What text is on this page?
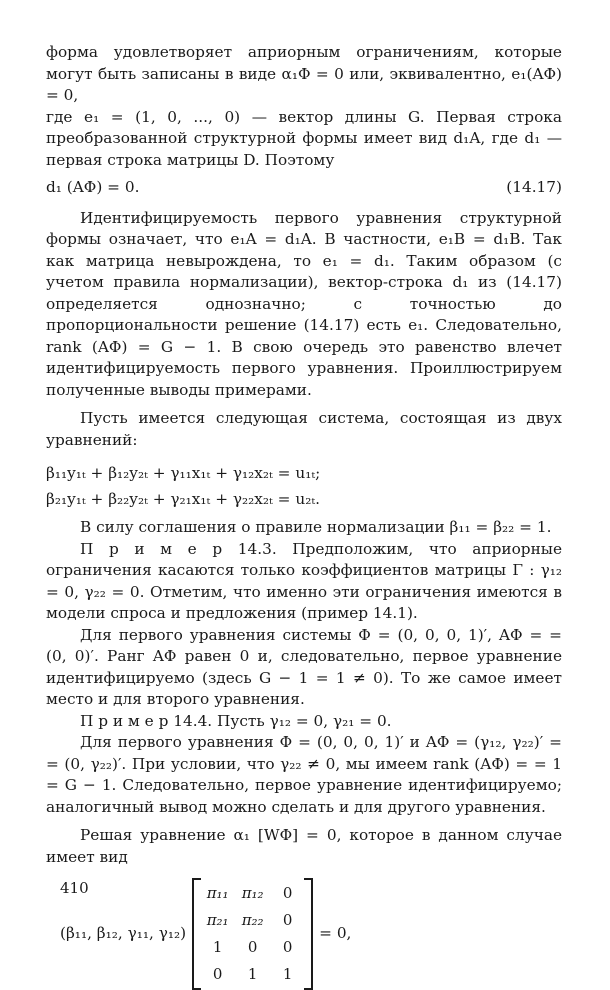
форма удовлетворяет априорным ограничениям, которые могут быть записаны в виде α₁Φ = 0 или, эквивалентно, e₁(AΦ) = 0,

где e₁ = (1, 0, ..., 0) — вектор длины G. Первая строка преобразованной структурной формы имеет вид d₁A, где d₁ — первая строка матрицы D. Поэтому

d₁ (AΦ) = 0.	(14.17)

Идентифицируемость первого уравнения структурной формы означает, что e₁A = d₁A. В частности, e₁B = d₁B. Так как матрица невырождена, то e₁ = d₁. Таким образом (с учетом правила нормализации), вектор-строка d₁ из (14.17) определяется однозначно; с точностью до пропорциональности решение (14.17) есть e₁. Следовательно, rank (AΦ) = G − 1. В свою очередь это равенство влечет идентифицируемость первого уравнения. Проиллюстрируем полученные выводы примерами.

Пусть имеется следующая система, состоящая из двух уравнений:

β₁₁y₁ₜ + β₁₂y₂ₜ + γ₁₁x₁ₜ + γ₁₂x₂ₜ = u₁ₜ;
β₂₁y₁ₜ + β₂₂y₂ₜ + γ₂₁x₁ₜ + γ₂₂x₂ₜ = u₂ₜ.

В силу соглашения о правиле нормализации β₁₁ = β₂₂ = 1.

П р и м е р 14.3. Предположим, что априорные ограничения касаются только коэффициентов матрицы Γ : γ₁₂ = 0, γ₂₂ = 0. Отметим, что именно эти ограничения имеются в модели спроса и предложения (пример 14.1).

Для первого уравнения системы Φ = (0, 0, 0, 1)′, AΦ = = (0, 0)′. Ранг AΦ равен 0 и, следовательно, первое уравнение идентифицируемо (здесь G − 1 = 1 ≠ 0). То же самое имеет место и для второго уравнения.

П р и м е р 14.4. Пусть γ₁₂ = 0, γ₂₁ = 0.

Для первого уравнения Φ = (0, 0, 0, 1)′ и AΦ = (γ₁₂, γ₂₂)′ = = (0, γ₂₂)′. При условии, что γ₂₂ ≠ 0, мы имеем rank (AΦ) = = 1 = G − 1. Следовательно, первое уравнение идентифицируемо; аналогичный вывод можно сделать и для другого уравнения.

Решая уравнение α₁ [WΦ] = 0, которое в данном случае имеет вид

(β₁₁, β₁₂, γ₁₁, γ₁₂)
π₁₁	π₁₂	0
π₂₁	π₂₂	0
1	0	0
0	1	1
= 0,
410
